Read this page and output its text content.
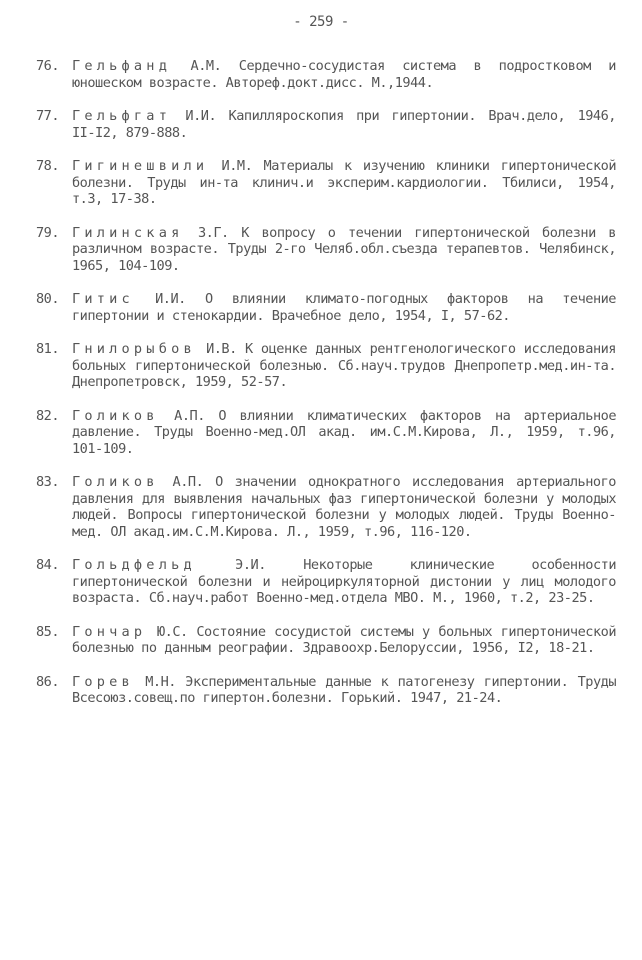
- 259 -
76. Гельфанд А.М. Сердечно-сосудистая система в подростковом и юношеском возрасте. Автореф.докт.дисс. М.,1944.
77. Гельфгат И.И. Капилляроскопия при гипертонии. Врач.дело, 1946, II-I2, 879-888.
78. Гигинешвили И.М. Материалы к изучению клиники гипертонической болезни. Труды ин-та клинич.и эксперим.кардиологии. Тбилиси, 1954, т.3, 17-38.
79. Гилинская З.Г. К вопросу о течении гипертонической болезни в различном возрасте. Труды 2-го Челяб.обл.съезда терапевтов. Челябинск, 1965, 104-109.
80. Гитис И.И. О влиянии климато-погодных факторов на течение гипертонии и стенокардии. Врачебное дело, 1954, I, 57-62.
81. Гнилорыбов И.В. К оценке данных рентгенологического исследования больных гипертонической болезнью. Сб.науч.трудов Днепропетр.мед.ин-та. Днепропетровск, 1959, 52-57.
82. Голиков А.П. О влиянии климатических факторов на артериальное давление. Труды Военно-мед.ОЛ акад. им.С.М.Кирова, Л., 1959, т.96, 101-109.
83. Голиков А.П. О значении однократного исследования артериального давления для выявления начальных фаз гипертонической болезни у молодых людей. Вопросы гипертонической болезни у молодых людей. Труды Военно-мед. ОЛ акад.им.С.М.Кирова. Л., 1959, т.96, 116-120.
84. Гольдфельд	Э.И.	Некоторые клинические особенности гипертонической болезни и нейроциркуляторной дистонии у лиц молодого возраста. Сб.науч.работ Военно-мед.отдела МВО. М., 1960, т.2, 23-25.
85. Гончар Ю.С. Состояние сосудистой системы у больных гипертонической болезнью по данным реографии. Здравоохр.Белоруссии, 1956, I2, 18-21.
86. Горев М.Н. Экспериментальные данные к патогенезу гипертонии. Труды Всесоюз.совещ.по гипертон.болезни. Горький. 1947, 21-24.
